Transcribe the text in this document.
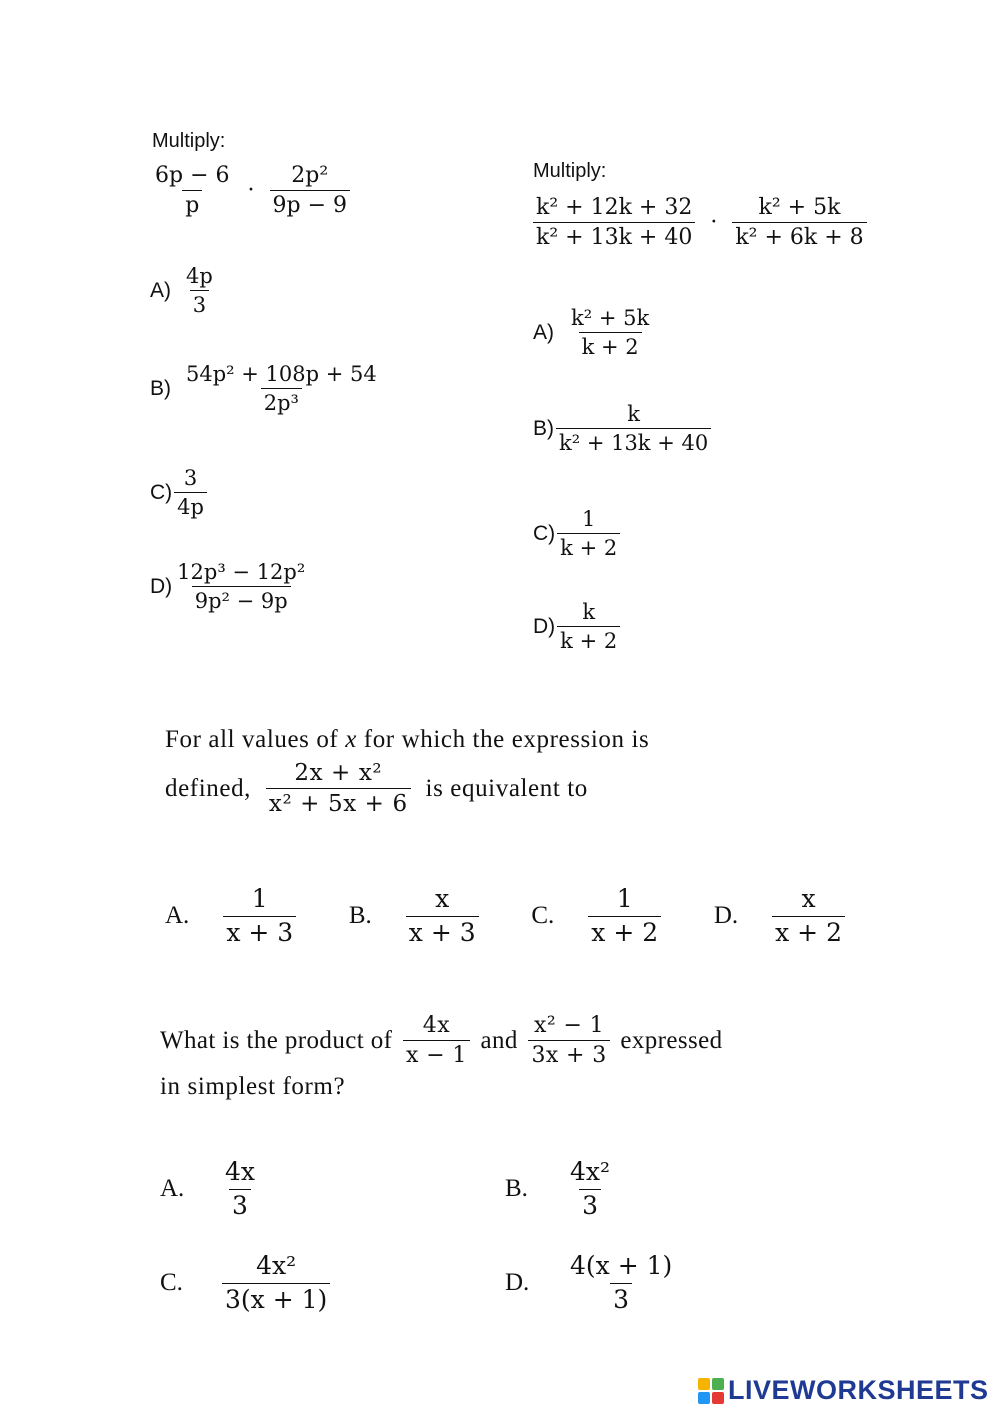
Multiply:
$\frac{6p - 6}{p} \cdot \frac{\text{2p²}}{9p - 9}$
$A) \frac{4p}{3}$
$B) \frac{\text{54p² + 108p + 54}}{\text{2p³}}$
$C) \frac{3}{4p}$
$D) \frac{\text{12p³ − 12p²}}{\text{9p² − 9p}}$
Multiply:
$\frac{\text{k² + 12k + 32}}{\text{k² + 13k + 40}} \cdot \frac{\text{k² + 5k}}{\text{k² + 6k + 8}}$
$A) \frac{\text{k² + 5k}}{k + 2}$
$B) \frac{k}{\text{k² + 13k + 40}}$
$C) \frac{1}{k + 2}$
$D) \frac{k}{k + 2}$
For all values of x for which the expression is
defined, $\frac{\text{2x + x²}}{\text{x² + 5x + 6}}$ is equivalent to
A. $\frac{1}{x + 3} B$. $\frac{x}{x + 3} C$. $\frac{1}{x + 2} D$. $\frac{x}{x + 2}$
What is the product of $\frac{4x}{x - 1}$ and $\frac{\text{x² − 1}}{3x + 3}$ expressed
in simplest form?
A.	$\frac{4x}{3}$	B.	$\frac{\text{4x²}}{3}$
C.	$\frac{\text{4x²}}{3(x + 1)}$	D.	$\frac{4(x + 1)}{3}$
LIVEWORKSHEETS
